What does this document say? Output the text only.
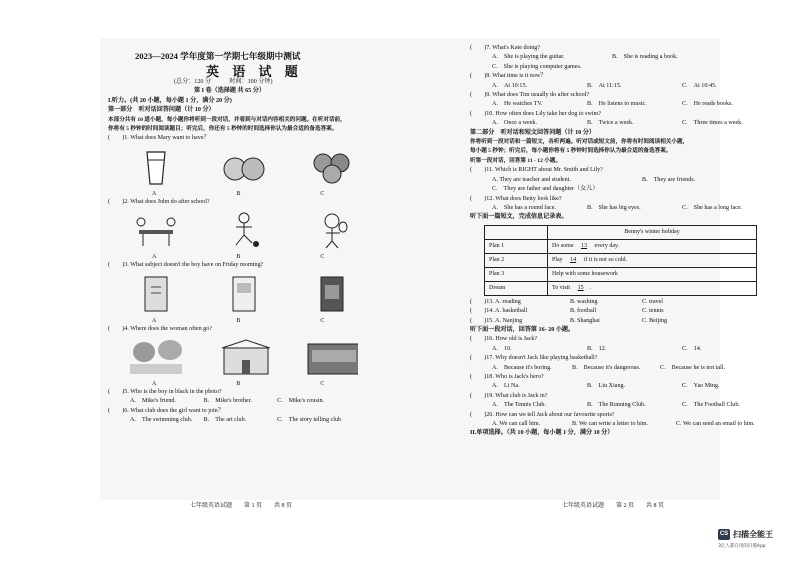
2023—2024 学年度第一学期七年级期中测试
英 语 试 题
(总分：120 分　　　时间：100 分钟)
第 I 卷（选择题 共 65 分）
I.听力。(共 20 小题，每小题 1 分，满分 20 分)
第一部分　听对话回答问题（计 10 分）
本部分共有 10 道小题，每小题你将听到一段对话，并看到与对话内容相关的问题。在听对话前，
你将有 5 秒钟的时间阅读题目；听完后，你还有 5 秒钟的时间选择你认为最合适的备选答案。
(　　)1. What does Mary want to have？
A	B	C
(　　)2. What does John do after school?
A	B	C
(　　)3. What subject doesn't the boy have on Friday morning?
A	B	C
(　　)4. Where does the woman often go?
A	B	C
(　　)5. Who is the boy in black in the photo?
A.　Mike's friend.	B.　Mike's brother.	C.　Mike's cousin.
(　　)6. What club does the girl want to join？
A.　The swimming club. B.　The art club.	C.　The story telling club
七年级英语试题　　第 1 页　　共 8 页
(　　)7. What's Kate doing?
A.　She is playing the guitar.	B.　She is reading a book.
C.　She is playing computer games.
(　　)8. What time is it now？
A.　At 10:15.	B.　At 11:15.	C.　At 10:45.
(　　)9. What does Tim usually do after school?
A.　He watches TV.	B.　He listens to music.	C.　He reads books.
(　　)10. How often does Lily take her dog to swim?
A.　Once a week.	B.　Twice a week.	C.　Three times a week.
第二部分　听对话和短文回答问题（计 10 分）
你将听到一段对话和一篇短文，各听两遍。听对话或短文前，你将有时间阅读相关小题，
每小题 5 秒钟；听完后，每小题你将有 5 秒钟时间选择你认为最合适的备选答案。
听第一段对话，回答第 11 - 12 小题。
(　　)11. Which is RIGHT about Mr. Smith and Lily?
A. They are teacher and student.	B.　They are friends.
C.　They are father and daughter（女儿）
(　　)12. What does Betty look like?
A.　She has a round face.	B.　She has big eyes.	C.　She has a long face.
听下面一篇短文，完成信息记录表。
	Benny's winter holiday
Plan 1	Do some 13 every day.
Plan 2	Play 14 if it is not so cold.
Plan 3	Help with some housework
Dream	To visit 15 .
(　　)13. A. reading	B. washing	C. travel
(　　)14. A. basketball	B. football	C. tennis
(　　)15. A. Nanjing	B. Shanghai	C. Beijing
听下面一段对话，回答第 16- 20 小题。
(　　)16. How old is Jack?
A.　10.	B.　12.	C.　14.
(　　)17. Why doesn't Jack like playing basketball?
A.　Because it's boring.	B.　Because it's dangerous.	C.　Because he is not tall.
(　　)18. Who is Jack's hero?
A.　Li Na.	B.　Liu Xiang.	C.　Yao Ming.
(　　)19. What club is Jack in?
A.　The Tennis Club.	B.　The Running Club.	C.　The Football Club.
(　　)20. How can we tell Jack about our favourite sports?
A. We can call him.	B. We can write a letter to him.	C. We can send an email to him.
II.单项选择。（共 10 小题，每小题 1 分，满分 10 分）
七年级英语试题　　第 2 页　　共 8 页
CS 扫描全能王
3亿人都在用的扫描App
